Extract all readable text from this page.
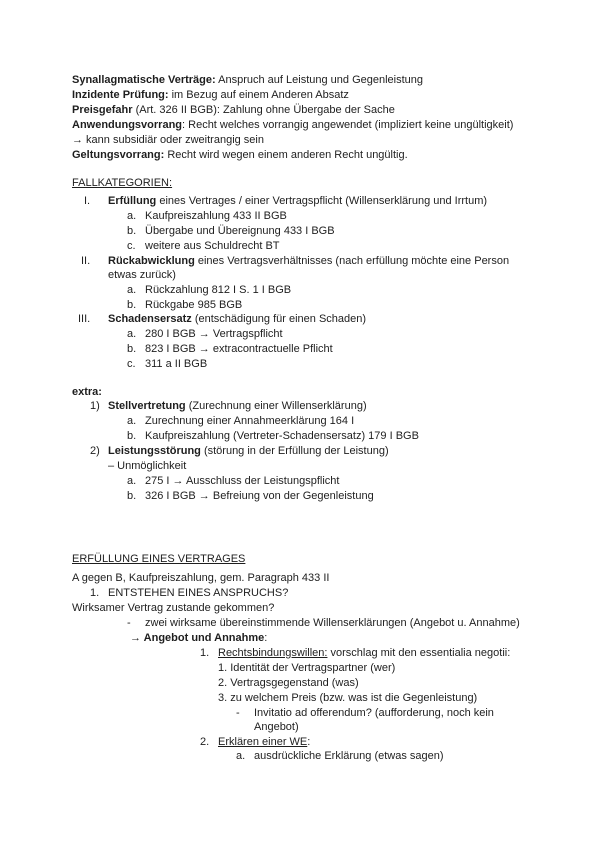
Synallagmatische Verträge: Anspruch auf Leistung und Gegenleistung
Inzidente Prüfung: im Bezug auf einem Anderen Absatz
Preisgefahr (Art. 326 II BGB): Zahlung ohne Übergabe der Sache
Anwendungsvorrang: Recht welches vorrangig angewendet (impliziert keine ungültigkeit)
→ kann subsidiär oder zweitrangig sein
Geltungsvorrang: Recht wird wegen einem anderen Recht ungültig.
FALLKATEGORIEN:
I. Erfüllung eines Vertrages / einer Vertragspflicht (Willenserklärung und Irrtum)
a. Kaufpreiszahlung 433 II BGB
b. Übergabe und Übereignung 433 I BGB
c. weitere aus Schuldrecht BT
II. Rückabwicklung eines Vertragsverhältnisses (nach erfüllung möchte eine Person
etwas zurück)
a. Rückzahlung 812 I S. 1 I BGB
b. Rückgabe 985 BGB
III. Schadensersatz (entschädigung für einen Schaden)
a. 280 I BGB → Vertragspflicht
b. 823 I BGB → extracontractuelle Pflicht
c. 311 a II BGB
extra:
1) Stellvertretung (Zurechnung einer Willenserklärung)
a. Zurechnung einer Annahmeerklärung 164 I
b. Kaufpreiszahlung (Vertreter-Schadensersatz) 179 I BGB
2) Leistungsstörung (störung in der Erfüllung der Leistung)
– Unmöglichkeit
a. 275 I → Ausschluss der Leistungspflicht
b. 326 I BGB → Befreiung von der Gegenleistung
ERFÜLLUNG EINES VERTRAGES
A gegen B, Kaufpreiszahlung, gem. Paragraph 433 II
1. ENTSTEHEN EINES ANSPRUCHS?
Wirksamer Vertrag zustande gekommen?
- zwei wirksame übereinstimmende Willenserklärungen (Angebot u. Annahme)
→ Angebot und Annahme:
1. Rechtsbindungswillen: vorschlag mit den essentialia negotii:
1. Identität der Vertragspartner (wer)
2. Vertragsgegenstand (was)
3. zu welchem Preis (bzw. was ist die Gegenleistung)
- Invitatio ad offerendum? (aufforderung, noch kein
Angebot)
2. Erklären einer WE:
a. ausdrückliche Erklärung (etwas sagen)
